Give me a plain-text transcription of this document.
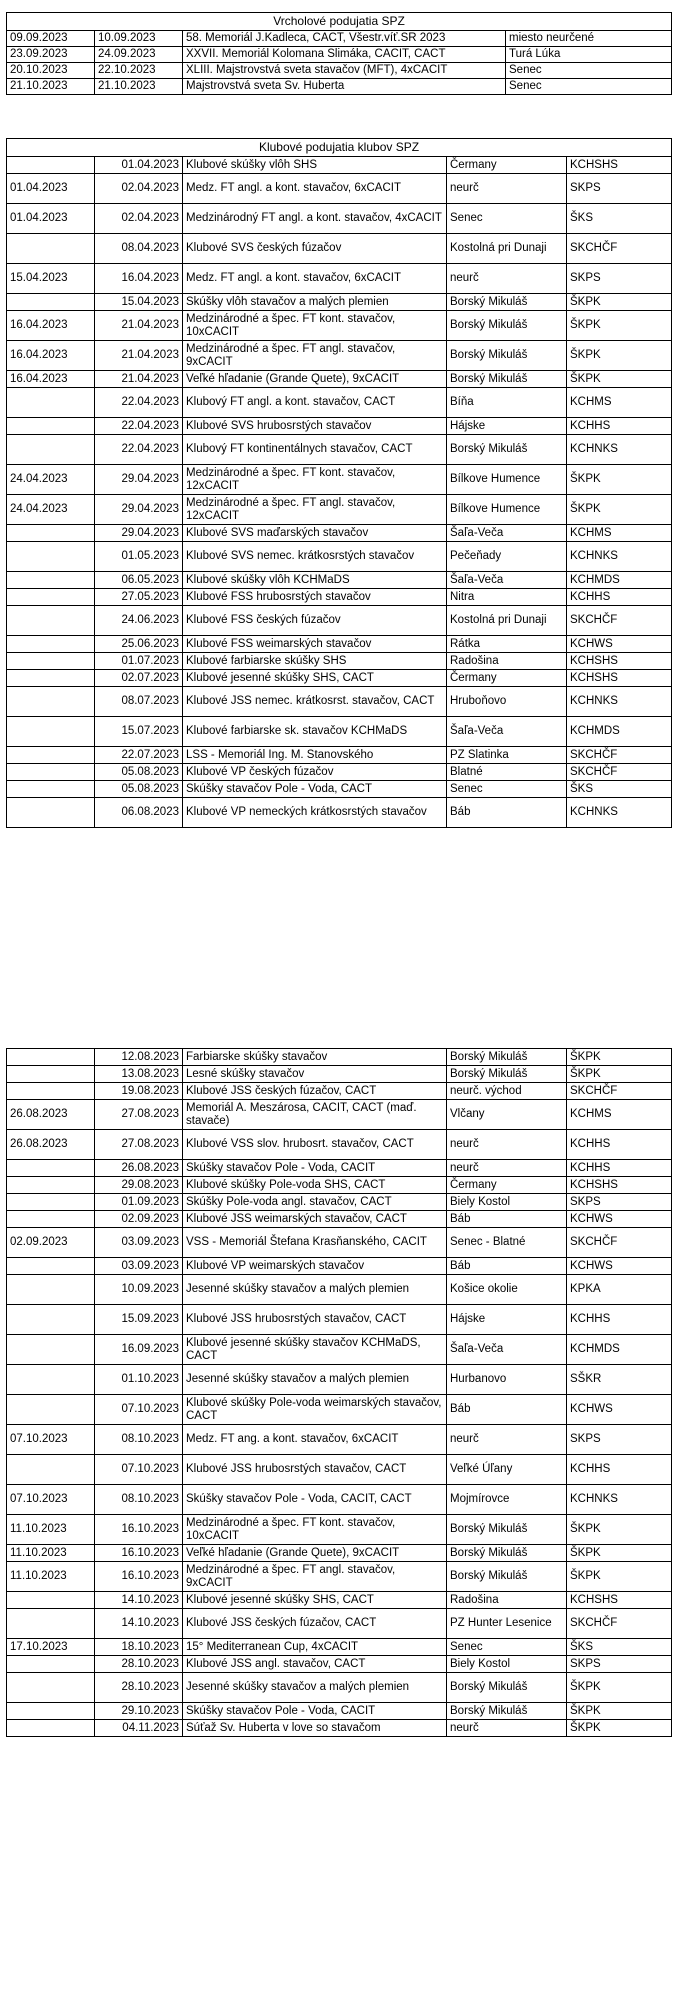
Vrcholové podujatia SPZ			
09.09.2023	10.09.2023	58. Memoriál J.Kadleca, CACT, Všestr.víť.SR 2023	miesto neurčené
23.09.2023	24.09.2023	XXVII. Memoriál Kolomana Slimáka, CACIT, CACT	Turá Lúka
20.10.2023	22.10.2023	XLIII. Majstrovstvá sveta stavačov (MFT), 4xCACIT	Senec
21.10.2023	21.10.2023	Majstrovstvá sveta Sv. Huberta	Senec
Klubové podujatia klubov SPZ				
	01.04.2023	Klubové skúšky vlôh SHS	Čermany	KCHSHS
01.04.2023	02.04.2023	Medz. FT angl. a kont. stavačov, 6xCACIT	neurč	SKPS
01.04.2023	02.04.2023	Medzinárodný FT angl. a kont. stavačov, 4xCACIT	Senec	ŠKS
	08.04.2023	Klubové SVS českých fúzačov	Kostolná pri Dunaji	SKCHČF
15.04.2023	16.04.2023	Medz. FT angl. a kont. stavačov, 6xCACIT	neurč	SKPS
	15.04.2023	Skúšky vlôh stavačov a malých plemien	Borský Mikuláš	ŠKPK
16.04.2023	21.04.2023	Medzinárodné a špec. FT kont. stavačov, 10xCACIT	Borský Mikuláš	ŠKPK
16.04.2023	21.04.2023	Medzinárodné a špec. FT angl. stavačov, 9xCACIT	Borský Mikuláš	ŠKPK
16.04.2023	21.04.2023	Veľké hľadanie (Grande Quete), 9xCACIT	Borský Mikuláš	ŠKPK
	22.04.2023	Klubový FT angl. a kont. stavačov, CACT	Bíňa	KCHMS
	22.04.2023	Klubové SVS hrubosrstých stavačov	Hájske	KCHHS
	22.04.2023	Klubový FT kontinentálnych stavačov, CACT	Borský Mikuláš	KCHNKS
24.04.2023	29.04.2023	Medzinárodné a špec. FT kont. stavačov, 12xCACIT	Bílkove Humence	ŠKPK
24.04.2023	29.04.2023	Medzinárodné a špec. FT angl. stavačov, 12xCACIT	Bílkove Humence	ŠKPK
	29.04.2023	Klubové SVS maďarských stavačov	Šaľa-Veča	KCHMS
	01.05.2023	Klubové SVS nemec. krátkosrstých stavačov	Pečeňady	KCHNKS
	06.05.2023	Klubové skúšky vlôh KCHMaDS	Šaľa-Veča	KCHMDS
	27.05.2023	Klubové FSS hrubosrstých stavačov	Nitra	KCHHS
	24.06.2023	Klubové FSS českých fúzačov	Kostolná pri Dunaji	SKCHČF
	25.06.2023	Klubové FSS weimarských stavačov	Rátka	KCHWS
	01.07.2023	Klubové farbiarske skúšky SHS	Radošina	KCHSHS
	02.07.2023	Klubové jesenné skúšky SHS, CACT	Čermany	KCHSHS
	08.07.2023	Klubové JSS nemec. krátkosrst. stavačov, CACT	Hruboňovo	KCHNKS
	15.07.2023	Klubové farbiarske sk. stavačov KCHMaDS	Šaľa-Veča	KCHMDS
	22.07.2023	LSS - Memoriál Ing. M. Stanovského	PZ Slatinka	SKCHČF
	05.08.2023	Klubové VP českých fúzačov	Blatné	SKCHČF
	05.08.2023	Skúšky stavačov Pole - Voda, CACT	Senec	ŠKS
	06.08.2023	Klubové VP nemeckých krátkosrstých stavačov	Báb	KCHNKS
	12.08.2023	Farbiarske skúšky stavačov	Borský Mikuláš	ŠKPK
	13.08.2023	Lesné skúšky stavačov	Borský Mikuláš	ŠKPK
	19.08.2023	Klubové JSS českých fúzačov, CACT	neurč. východ	SKCHČF
26.08.2023	27.08.2023	Memoriál A. Meszárosa, CACIT, CACT (maď. stavače)	Vlčany	KCHMS
26.08.2023	27.08.2023	Klubové VSS slov. hrubosrt. stavačov, CACT	neurč	KCHHS
	26.08.2023	Skúšky stavačov Pole - Voda, CACIT	neurč	KCHHS
	29.08.2023	Klubové skúšky Pole-voda SHS, CACT	Čermany	KCHSHS
	01.09.2023	Skúšky Pole-voda angl. stavačov, CACT	Biely Kostol	SKPS
	02.09.2023	Klubové JSS weimarských stavačov, CACT	Báb	KCHWS
02.09.2023	03.09.2023	VSS - Memoriál Štefana Krasňanského, CACIT	Senec - Blatné	SKCHČF
	03.09.2023	Klubové VP weimarských stavačov	Báb	KCHWS
	10.09.2023	Jesenné skúšky stavačov a malých plemien	Košice okolie	KPKA
	15.09.2023	Klubové JSS hrubosrstých stavačov, CACT	Hájske	KCHHS
	16.09.2023	Klubové jesenné skúšky stavačov KCHMaDS, CACT	Šaľa-Veča	KCHMDS
	01.10.2023	Jesenné skúšky stavačov a malých plemien	Hurbanovo	SŠKR
	07.10.2023	Klubové skúšky Pole-voda weimarských stavačov, CACT	Báb	KCHWS
07.10.2023	08.10.2023	Medz. FT ang. a kont. stavačov, 6xCACIT	neurč	SKPS
	07.10.2023	Klubové JSS hrubosrstých stavačov, CACT	Veľké Úľany	KCHHS
07.10.2023	08.10.2023	Skúšky stavačov Pole - Voda, CACIT, CACT	Mojmírovce	KCHNKS
11.10.2023	16.10.2023	Medzinárodné a špec. FT kont. stavačov, 10xCACIT	Borský Mikuláš	ŠKPK
11.10.2023	16.10.2023	Veľké hľadanie (Grande Quete), 9xCACIT	Borský Mikuláš	ŠKPK
11.10.2023	16.10.2023	Medzinárodné a špec. FT angl. stavačov, 9xCACIT	Borský Mikuláš	ŠKPK
	14.10.2023	Klubové jesenné skúšky SHS, CACT	Radošina	KCHSHS
	14.10.2023	Klubové JSS českých fúzačov, CACT	PZ Hunter Lesenice	SKCHČF
17.10.2023	18.10.2023	15° Mediterranean Cup, 4xCACIT	Senec	ŠKS
	28.10.2023	Klubové JSS angl. stavačov, CACT	Biely Kostol	SKPS
	28.10.2023	Jesenné skúšky stavačov a malých plemien	Borský Mikuláš	ŠKPK
	29.10.2023	Skúšky stavačov Pole - Voda, CACIT	Borský Mikuláš	ŠKPK
	04.11.2023	Súťaž Sv. Huberta v love so stavačom	neurč	ŠKPK
